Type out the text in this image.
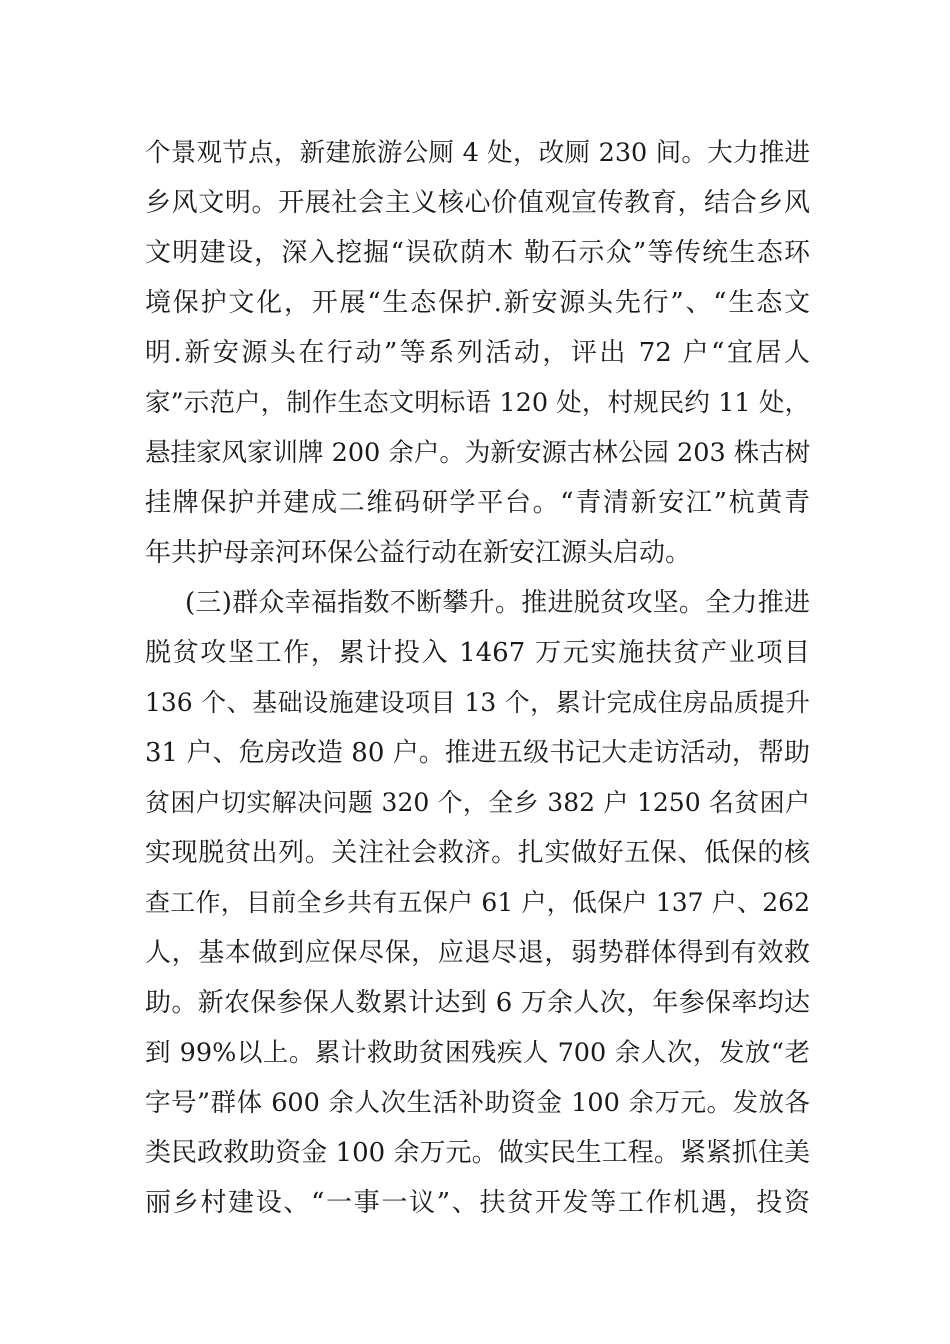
个景观节点，新建旅游公厕 4 处，改厕 230 间。大力推进
乡风文明。开展社会主义核心价值观宣传教育，结合乡风
文明建设，深入挖掘“误砍荫木 勒石示众”等传统生态环
境保护文化，开展“生态保护.新安源头先行”、“生态文
明.新安源头在行动”等系列活动，评出 72 户“宜居人
家”示范户，制作生态文明标语 120 处，村规民约 11 处，
悬挂家风家训牌 200 余户。为新安源古林公园 203 株古树
挂牌保护并建成二维码研学平台。“青清新安江”杭黄青
年共护母亲河环保公益行动在新安江源头启动。
(三)群众幸福指数不断攀升。推进脱贫攻坚。全力推进
脱贫攻坚工作，累计投入 1467 万元实施扶贫产业项目
136 个、基础设施建设项目 13 个，累计完成住房品质提升
31 户、危房改造 80 户。推进五级书记大走访活动，帮助
贫困户切实解决问题 320 个，全乡 382 户 1250 名贫困户
实现脱贫出列。关注社会救济。扎实做好五保、低保的核
查工作，目前全乡共有五保户 61 户，低保户 137 户、262
人，基本做到应保尽保，应退尽退，弱势群体得到有效救
助。新农保参保人数累计达到 6 万余人次，年参保率均达
到 99%以上。累计救助贫困残疾人 700 余人次，发放“老
字号”群体 600 余人次生活补助资金 100 余万元。发放各
类民政救助资金 100 余万元。做实民生工程。紧紧抓住美
丽乡村建设、“一事一议”、扶贫开发等工作机遇，投资
